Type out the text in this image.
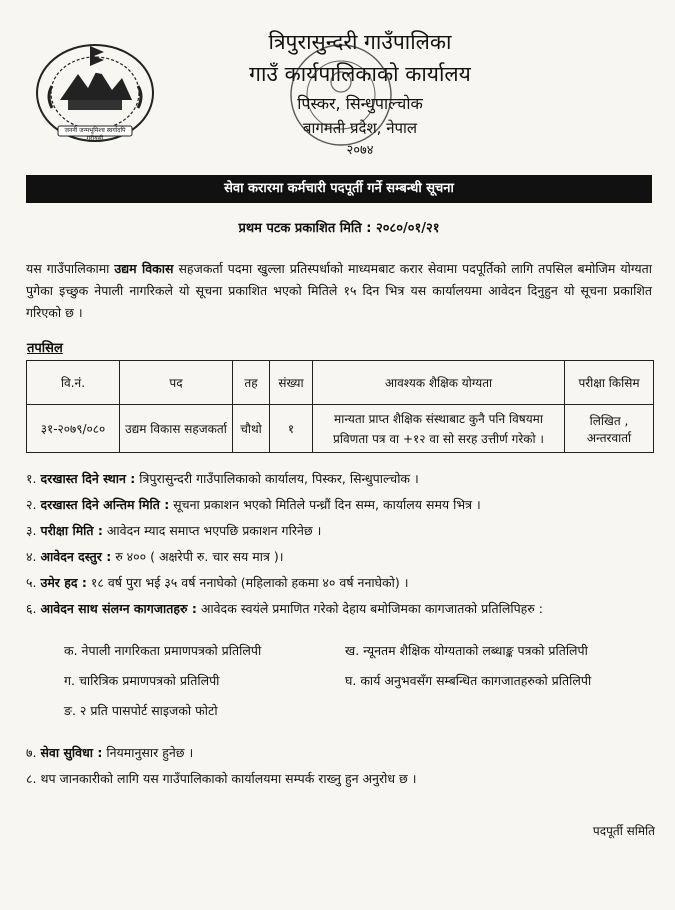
जननी जन्मभूमिश्च स्वर्गादपि गरीयसी
त्रिपुरासुन्दरी गाउँपालिका
गाउँ कार्यपालिकाको कार्यालय
पिस्कर, सिन्धुपाल्चोक
बागमती प्रदेश, नेपाल
२०७४
सेवा करारमा कर्मचारी पदपूर्ती गर्ने सम्बन्धी सूचना
प्रथम पटक प्रकाशित मिति : २०८०/०१/२१
यस गाउँपालिकामा उद्यम विकास सहजकर्ता पदमा खुल्ला प्रतिस्पर्धाको माध्यमबाट करार सेवामा पदपूर्तिको लागि तपसिल बमोजिम योग्यता पुगेका इच्छुक नेपाली नागरिकले यो सूचना प्रकाशित भएको मितिले १५ दिन भित्र यस कार्यालयमा आवेदन दिनुहुन यो सूचना प्रकाशित गरिएको छ ।
तपसिल
वि.नं.	पद	तह	संख्या	आवश्यक शैक्षिक योग्यता	परीक्षा किसिम
३१-२०७९/०८०	उद्यम विकास सहजकर्ता	चौथो	१	मान्यता प्राप्त शैक्षिक संस्थाबाट कुनै पनि विषयमा प्रविणता पत्र वा +१२ वा सो सरह उत्तीर्ण गरेको ।	लिखित , अन्तरवार्ता
१. दरखास्त दिने स्थान : त्रिपुरासुन्दरी गाउँपालिकाको कार्यालय, पिस्कर, सिन्धुपाल्चोक ।
२. दरखास्त दिने अन्तिम मिति : सूचना प्रकाशन भएको मितिले पन्ध्रौं दिन सम्म, कार्यालय समय भित्र ।
३. परीक्षा मिति : आवेदन म्याद समाप्त भएपछि प्रकाशन गरिनेछ ।
४. आवेदन दस्तुर : रु ४०० ( अक्षरेपी रु. चार सय मात्र )।
५. उमेर हद : १८ वर्ष पुरा भई ३५ वर्ष ननाघेको (महिलाको हकमा ४० वर्ष ननाघेको) ।
६. आवेदन साथ संलग्न कागजातहरु : आवेदक स्वयंले प्रमाणित गरेको देहाय बमोजिमका कागजातको प्रतिलिपिहरु :
क. नेपाली नागरिकता प्रमाणपत्रको प्रतिलिपी	ख. न्यूनतम शैक्षिक योग्यताको लब्धाङ्क पत्रको प्रतिलिपी
ग. चारित्रिक प्रमाणपत्रको प्रतिलिपी	घ. कार्य अनुभवसँग सम्बन्धित कागजातहरुको प्रतिलिपी
ङ. २ प्रति पासपोर्ट साइजको फोटो
७. सेवा सुविधा : नियमानुसार हुनेछ ।
८. थप जानकारीको लागि यस गाउँपालिकाको कार्यालयमा सम्पर्क राख्नु हुन अनुरोध छ ।
पदपूर्ती समिति
